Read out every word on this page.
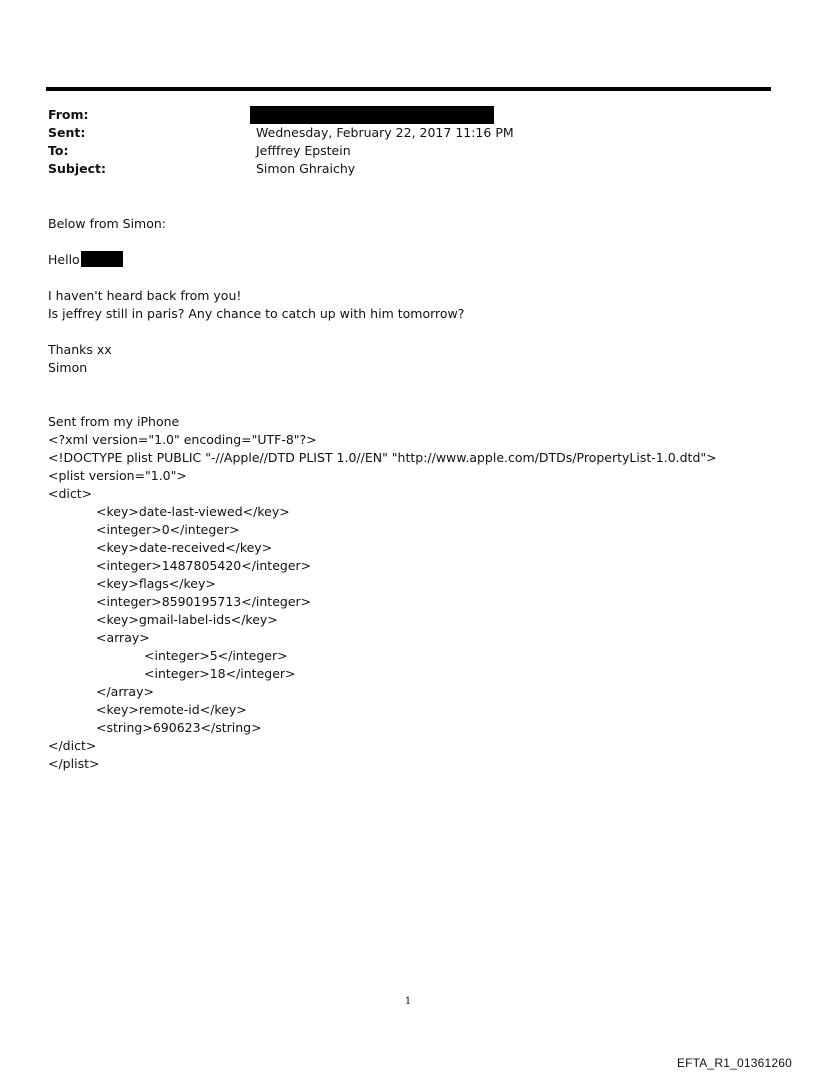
From:
Sent:	Wednesday, February 22, 2017 11:16 PM
To:	Jefffrey Epstein
Subject:	Simon Ghraichy

Below from Simon:

Hello

I haven't heard back from you!

Is jeffrey still in paris? Any chance to catch up with him tomorrow?

Thanks xx

Simon

Sent from my iPhone

<?xml version="1.0" encoding="UTF-8"?>

<!DOCTYPE plist PUBLIC "-//Apple//DTD PLIST 1.0//EN" "http://www.apple.com/DTDs/PropertyList-1.0.dtd">

<plist version="1.0">

<dict>

<key>date-last-viewed</key>

<integer>0</integer>

<key>date-received</key>

<integer>1487805420</integer>

<key>flags</key>

<integer>8590195713</integer>

<key>gmail-label-ids</key>

<array>

<integer>5</integer>

<integer>18</integer>

</array>

<key>remote-id</key>

<string>690623</string>

</dict>

</plist>

1
EFTA_R1_01361260
